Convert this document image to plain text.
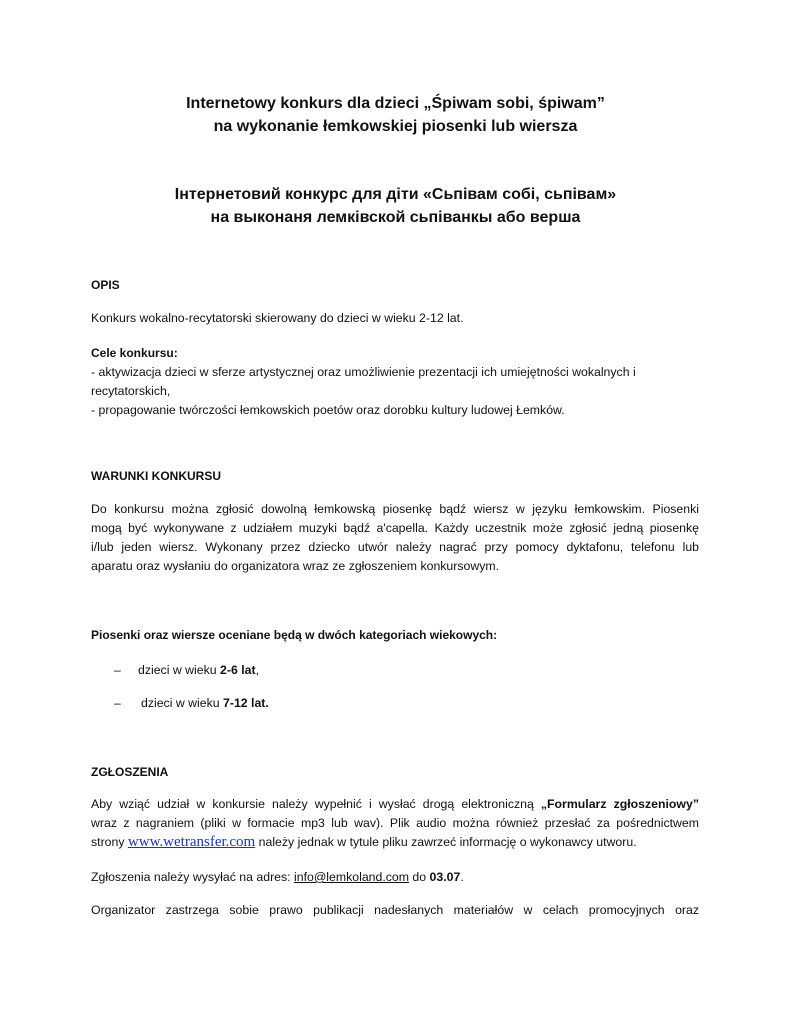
Internetowy konkurs dla dzieci „Śpiwam sobi, śpiwam”
na wykonanie łemkowskiej piosenki lub wiersza
Інтернетовий конкурс для діти «Сьпівам собі, сьпівам»
на выконаня лемківской сьпіванкы або верша
OPIS
Konkurs wokalno-recytatorski skierowany do dzieci w wieku 2-12 lat.
Cele konkursu:
- aktywizacja dzieci w sferze artystycznej oraz umożliwienie prezentacji ich umiejętności wokalnych i
recytatorskich,
- propagowanie twórczości łemkowskich poetów oraz dorobku kultury ludowej Łemków.
WARUNKI KONKURSU
Do konkursu można zgłosić dowolną łemkowską piosenkę bądź wiersz w języku łemkowskim. Piosenki
mogą być wykonywane z udziałem muzyki bądź a'capella. Każdy uczestnik może zgłosić jedną piosenkę
i/lub jeden wiersz. Wykonany przez dziecko utwór należy nagrać przy pomocy dyktafonu, telefonu lub
aparatu oraz wysłaniu do organizatora wraz ze zgłoszeniem konkursowym.
Piosenki oraz wiersze oceniane będą w dwóch kategoriach wiekowych:
– dzieci w wieku 2-6 lat,
– dzieci w wieku 7-12 lat.
ZGŁOSZENIA
Aby wziąć udział w konkursie należy wypełnić i wysłać drogą elektroniczną „Formularz zgłoszeniowy”
wraz z nagraniem (pliki w formacie mp3 lub wav). Plik audio można również przesłać za pośrednictwem
strony www.wetransfer.com należy jednak w tytule pliku zawrzeć informację o wykonawcy utworu.
Zgłoszenia należy wysyłać na adres: info@lemkoland.com do 03.07.
Organizator zastrzega sobie prawo publikacji nadesłanych materiałów w celach promocyjnych oraz
